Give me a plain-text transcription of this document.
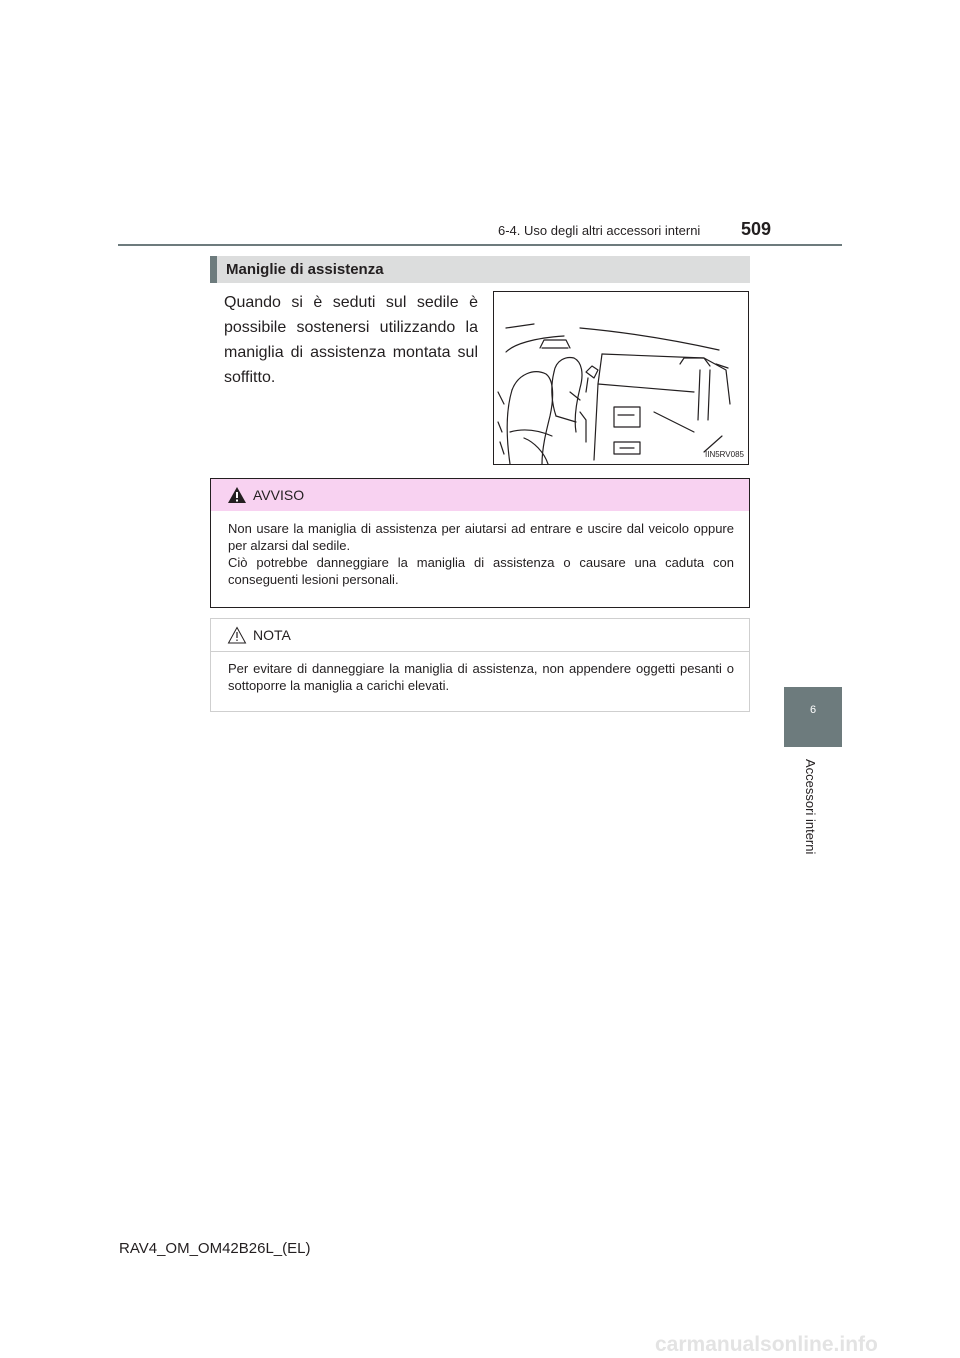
6-4. Uso degli altri accessori interni 509
6
Accessori interni
Maniglie di assistenza

Quando si è seduti sul sedile è possibile sostenersi utilizzando la maniglia di assistenza montata sul soffitto.

IIN5RV085
AVVISO

Non usare la maniglia di assistenza per aiutarsi ad entrare e uscire dal veicolo oppure per alzarsi dal sedile.

Ciò potrebbe danneggiare la maniglia di assistenza o causare una caduta con conseguenti lesioni personali.

NOTA

Per evitare di danneggiare la maniglia di assistenza, non appendere oggetti pesanti o sottoporre la maniglia a carichi elevati.

RAV4_OM_OM42B26L_(EL)
carmanualsonline.info
